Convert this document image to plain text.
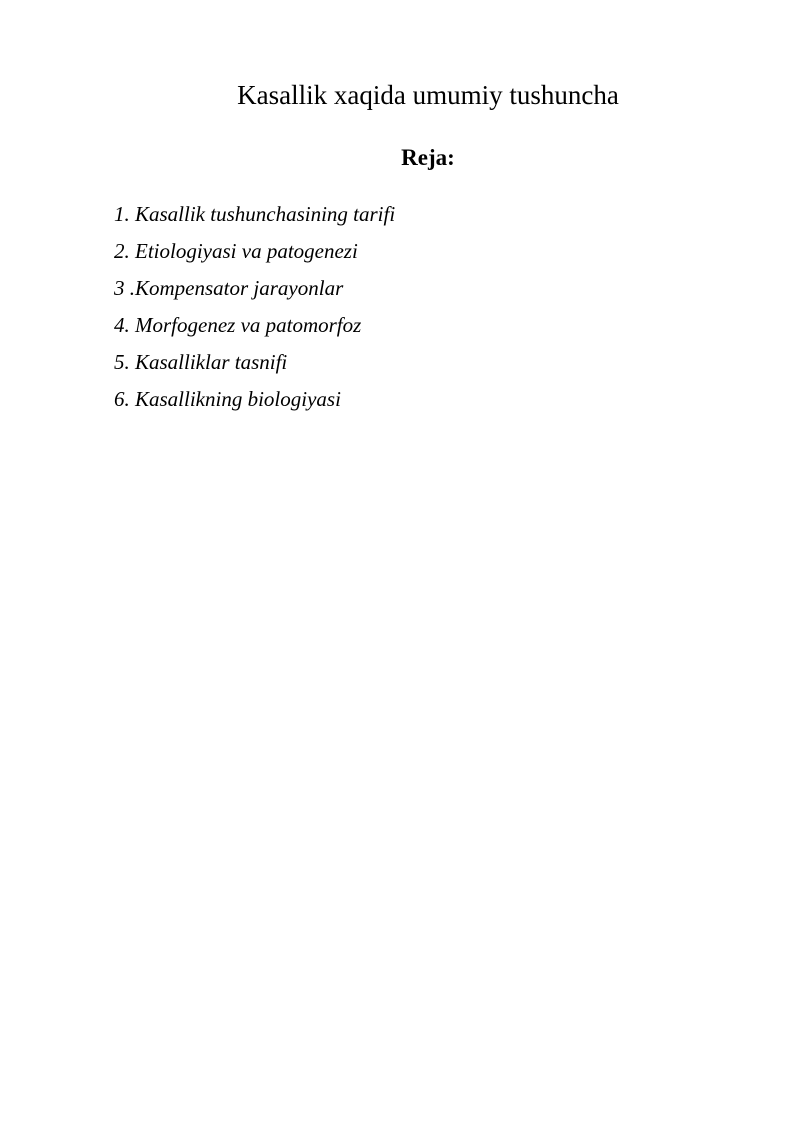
Kasallik xaqida umumiy tushuncha
Reja:
1. Kasallik tushunchasining tarifi
2. Etiologiyasi va patogenezi
3 .Kompensator jarayonlar
4. Morfogenez va patomorfoz
5. Kasalliklar tasnifi
6. Kasallikning biologiyasi
